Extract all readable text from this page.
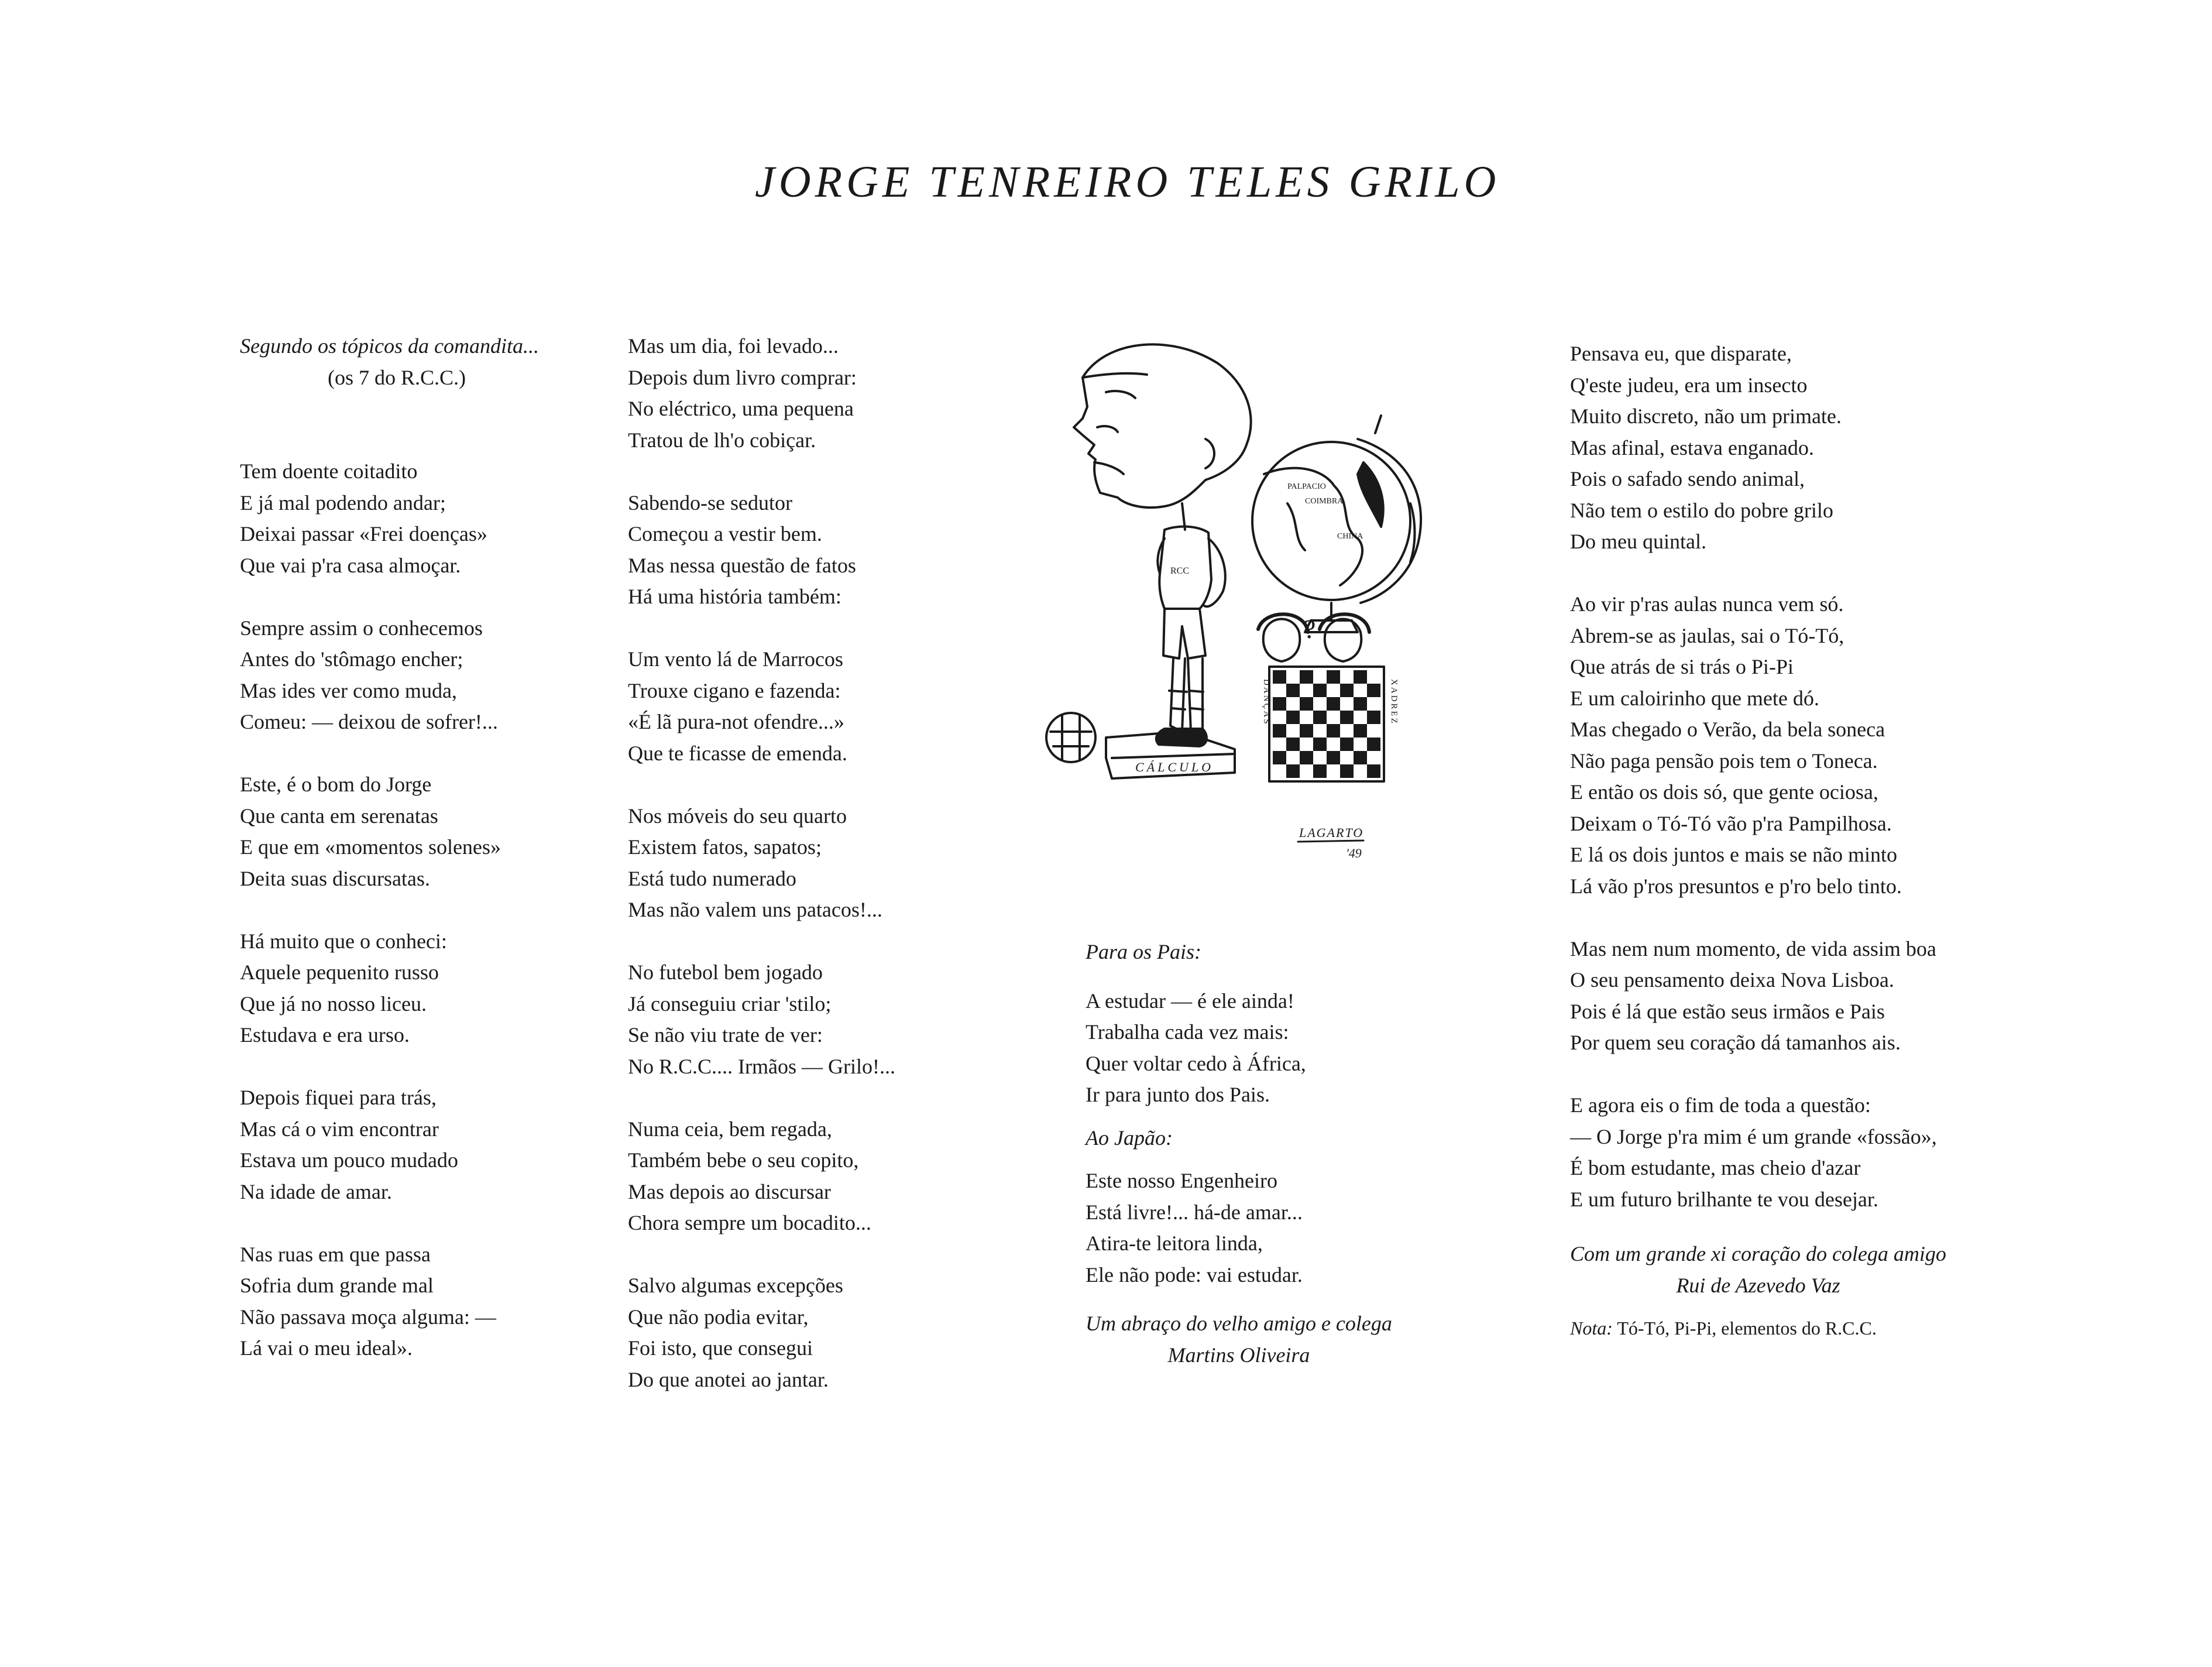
JORGE TENREIRO TELES GRILO
Segundo os tópicos da comandita...
(os 7 do R.C.C.)
Tem doente coitadito
E já mal podendo andar;
Deixai passar «Frei doenças»
Que vai p'ra casa almoçar.
Sempre assim o conhecemos
Antes do 'stômago encher;
Mas ides ver como muda,
Comeu: — deixou de sofrer!...
Este, é o bom do Jorge
Que canta em serenatas
E que em «momentos solenes»
Deita suas discursatas.
Há muito que o conheci:
Aquele pequenito russo
Que já no nosso liceu.
Estudava e era urso.
Depois fiquei para trás,
Mas cá o vim encontrar
Estava um pouco mudado
Na idade de amar.
Nas ruas em que passa
Sofria dum grande mal
Não passava moça alguma: —
Lá vai o meu ideal».
Mas um dia, foi levado...
Depois dum livro comprar:
No eléctrico, uma pequena
Tratou de lh'o cobiçar.
Sabendo-se sedutor
Começou a vestir bem.
Mas nessa questão de fatos
Há uma história também:
Um vento lá de Marrocos
Trouxe cigano e fazenda:
«É lã pura-not ofendre...»
Que te ficasse de emenda.
Nos móveis do seu quarto
Existem fatos, sapatos;
Está tudo numerado
Mas não valem uns patacos!...
No futebol bem jogado
Já conseguiu criar 'stilo;
Se não viu trate de ver:
No R.C.C.... Irmãos — Grilo!...
Numa ceia, bem regada,
Também bebe o seu copito,
Mas depois ao discursar
Chora sempre um bocadito...
Salvo algumas excepções
Que não podia evitar,
Foi isto, que consegui
Do que anotei ao jantar.
RCC
CÁLCULO
PALPACIO
COIMBRA
CHINA
?
DANÇAS	XADREZ
LAGARTO
'49
Para os Pais:
A estudar — é ele ainda!
Trabalha cada vez mais:
Quer voltar cedo à África,
Ir para junto dos Pais.
Ao Japão:
Este nosso Engenheiro
Está livre!... há-de amar...
Atira-te leitora linda,
Ele não pode: vai estudar.
Um abraço do velho amigo e colega
Martins Oliveira
Pensava eu, que disparate,
Q'este judeu, era um insecto
Muito discreto, não um primate.
Mas afinal, estava enganado.
Pois o safado sendo animal,
Não tem o estilo do pobre grilo
Do meu quintal.
Ao vir p'ras aulas nunca vem só.
Abrem-se as jaulas, sai o Tó-Tó,
Que atrás de si trás o Pi-Pi
E um caloirinho que mete dó.
Mas chegado o Verão, da bela sonеca
Não paga pensão pois tem o Toneca.
E então os dois só, que gente ociosa,
Deixam o Tó-Tó vão p'ra Pampilhosa.
E lá os dois juntos e mais se não minto
Lá vão p'ros presuntos e p'ro belo tinto.
Mas nem num momento, de vida assim boa
O seu pensamento deixa Nova Lisboa.
Pois é lá que estão seus irmãos e Pais
Por quem seu coração dá tamanhos ais.
E agora eis o fim de toda a questão:
— O Jorge p'ra mim é um grande «fossão»,
É bom estudante, mas cheio d'azar
E um futuro brilhante te vou desejar.
Com um grande xi coração do colega amigo
Rui de Azevedo Vaz
Nota: Tó-Tó, Pi-Pi, elementos do R.C.C.
